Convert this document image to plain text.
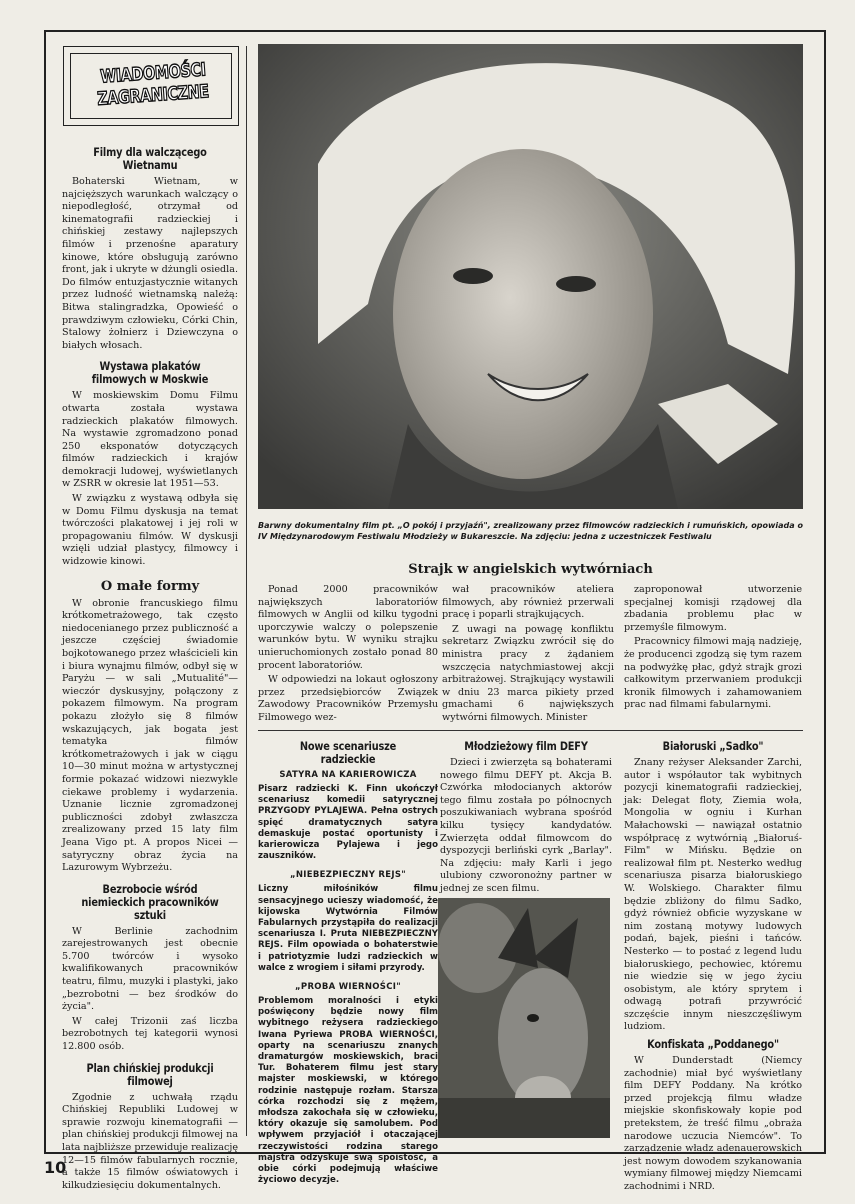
WIADOMOŚCI
ZAGRANICZNE
Filmy dla walczącego Wietnamu

Bohaterski Wietnam, w najcięższych warunkach walczący o niepodległość, otrzymał od kinematografii radzieckiej i chińskiej zestawy najlepszych filmów i przenośne aparatury kinowe, które obsługują zarówno front, jak i ukryte w dżungli osiedla. Do filmów entuzjastycznie witanych przez ludność wietnamską należą: Bitwa stalingradzka, Opowieść o prawdziwym człowieku, Córki Chin, Stalowy żołnierz i Dziewczyna o białych włosach.

Wystawa plakatów filmowych w Moskwie

W moskiewskim Domu Filmu otwarta została wystawa radzieckich plakatów filmowych. Na wystawie zgromadzono ponad 250 eksponatów dotyczących filmów radzieckich i krajów demokracji ludowej, wyświetlanych w ZSRR w okresie lat 1951—53.

W związku z wystawą odbyła się w Domu Filmu dyskusja na temat twórczości plakatowej i jej roli w propagowaniu filmów. W dyskusji wzięli udział plastycy, filmowcy i widzowie kinowi.

O małe formy

W obronie francuskiego filmu krótkometrażowego, tak często niedocenianego przez publiczność a jeszcze częściej świadomie bojkotowanego przez właścicieli kin i biura wynajmu filmów, odbył się w Paryżu — w sali „Mutualité"—wieczór dyskusyjny, połączony z pokazem filmowym. Na program pokazu złożyło się 8 filmów wskazujących, jak bogata jest tematyka filmów krótkometrażowych i jak w ciągu 10—30 minut można w artystycznej formie pokazać widzowi niezwykle ciekawe problemy i wydarzenia. Uznanie licznie zgromadzonej publiczności zdobył zwłaszcza zrealizowany przed 15 laty film Jeana Vigo pt. A propos Nicei — satyryczny obraz życia na Lazurowym Wybrzeżu.

Bezrobocie wśród niemieckich pracowników sztuki

W Berlinie zachodnim zarejestrowanych jest obecnie 5.700 twórców i wysoko kwalifikowanych pracowników teatru, filmu, muzyki i plastyki, jako „bezrobotni — bez środków do życia".

W całej Trizonii zaś liczba bezrobotnych tej kategorii wynosi 12.800 osób.

Plan chińskiej produkcji filmowej

Zgodnie z uchwałą rządu Chińskiej Republiki Ludowej w sprawie rozwoju kinematografii — plan chińskiej produkcji filmowej na lata najbliższe przewiduje realizację 12—15 filmów fabularnych rocznie, a także 15 filmów oświatowych i kilkudziesięciu dokumentalnych.

Barwny dokumentalny film pt. „O pokój i przyjaźń", zrealizowany przez filmowców radzieckich i rumuńskich, opowiada o IV Międzynarodowym Festiwalu Młodzieży w Bukareszcie. Na zdjęciu: jedna z uczestniczek Festiwalu

Strajk w angielskich wytwórniach

Ponad 2000 pracowników największych laboratoriów filmowych w Anglii od kilku tygodni uporczywie walczy o polepszenie warunków bytu. W wyniku strajku unieruchomionych zostało ponad 80 procent laboratoriów.

W odpowiedzi na lokaut ogłoszony przez przedsiębiorców Związek Zawodowy Pracowników Przemysłu Filmowego wez-

wał pracowników atelierа filmowych, aby również przerwali pracę i poparli strajkujących.

Z uwagi na powagę konfliktu sekretarz Związku zwrócił się do ministra pracy z żądaniem wszczęcia natychmiastowej akcji arbitrażowej. Strajkujący wystawili w dniu 23 marca pikiety przed gmachami 6 największych wytwórni filmowych. Minister

zaproponował utworzenie specjalnej komisji rządowej dla zbadania problemu płac w przemyśle filmowym.

Pracownicy filmowi mają nadzieję, że producenci zgodzą się tym razem na podwyżkę płac, gdyż strajk grozi całkowitym przerwaniem produkcji kronik filmowych i zahamowaniem prac nad filmami fabularnymi.

Nowe scenariusze radzieckie
SATYRA NA KARIEROWICZA

Pisarz radziecki K. Finn ukończył scenariusz komedii satyrycznej PRZYGODY PYLAJEWA. Pełna ostrych spięć dramatycznych satyra demaskuje postać oportunisty i karierowicza Pylajewa i jego zauszników.

„NIEBEZPIECZNY REJS"

Liczny miłośników filmu sensacyjnego ucieszy wiadomość, że kijowska Wytwórnia Filmów Fabularnych przystąpiła do realizacji scenariusza I. Pruta NIEBEZPIECZNY REJS. Film opowiada o bohaterstwie i patriotyzmie ludzi radzieckich w walce z wrogiem i siłami przyrody.

„PROBA WIERNOŚCI"

Problemom moralności i etyki poświęcony będzie nowy film wybitnego reżysera radzieckiego Iwana Pyriewa PROBA WIERNOŚCI, oparty na scenariuszu znanych dramaturgów moskiewskich, braci Tur. Bohaterem filmu jest stary majster moskiewski, w którego rodzinie następuje rozłam. Starsza córka rozchodzi się z mężem, młodsza zakochała się w człowieku, który okazuje się samolubem. Pod wpływem przyjaciół i otaczającej rzeczywistości rodzina starego majstra odzyskuje swą spoistość, a obie córki podejmują właściwe życiowo decyzje.

Młodzieżowy film DEFY

Dzieci i zwierzęta są bohaterami nowego filmu DEFY pt. Akcja B. Czwórka młodocianych aktorów tego filmu została po północnych poszukiwaniach wybrana spośród kilku tysięcy kandydatów. Zwierzęta oddał filmowcom do dyspozycji berliński cyrk „Barlay". Na zdjęciu: mały Karli i jego ulubiony czworonożny partner w jednej ze scen filmu.

Białoruski „Sadko"

Znany reżyser Aleksander Zarchi, autor i współautor tak wybitnych pozycji kinematografii radzieckiej, jak: Delegat floty, Ziemia woła, Mongolia w ogniu i Kurhan Małachowski — nawiązał ostatnio współpracę z wytwórnią „Białoruś-Film" w Mińsku. Będzie on realizował film pt. Nesterko według scenariusza pisarza białoruskiego W. Wolskiego. Charakter filmu będzie zbliżony do filmu Sadko, gdyż również obficie wyzyskane w nim zostaną motywy ludowych podań, bajek, pieśni i tańców. Nesterko — to postać z legend ludu białoruskiego, pechowiec, któremu nie wiedzie się w jego życiu osobistym, ale który sprytem i odwagą potrafi przywrócić szczęście innym nieszczęśliwym ludziom.

Konfiskata „Poddanego"

W Dunderstadt (Niemcy zachodnie) miał być wyświetlany film DEFY Poddany. Na krótko przed projekcją filmu władze miejskie skonfiskowały kopie pod pretekstem, że treść filmu „obraża narodowe uczucia Niemców". To zarządzenie władz adenauerowskich jest nowym dowodem szykanowania wymiany filmowej między Niemcami zachodnimi i NRD.

10
